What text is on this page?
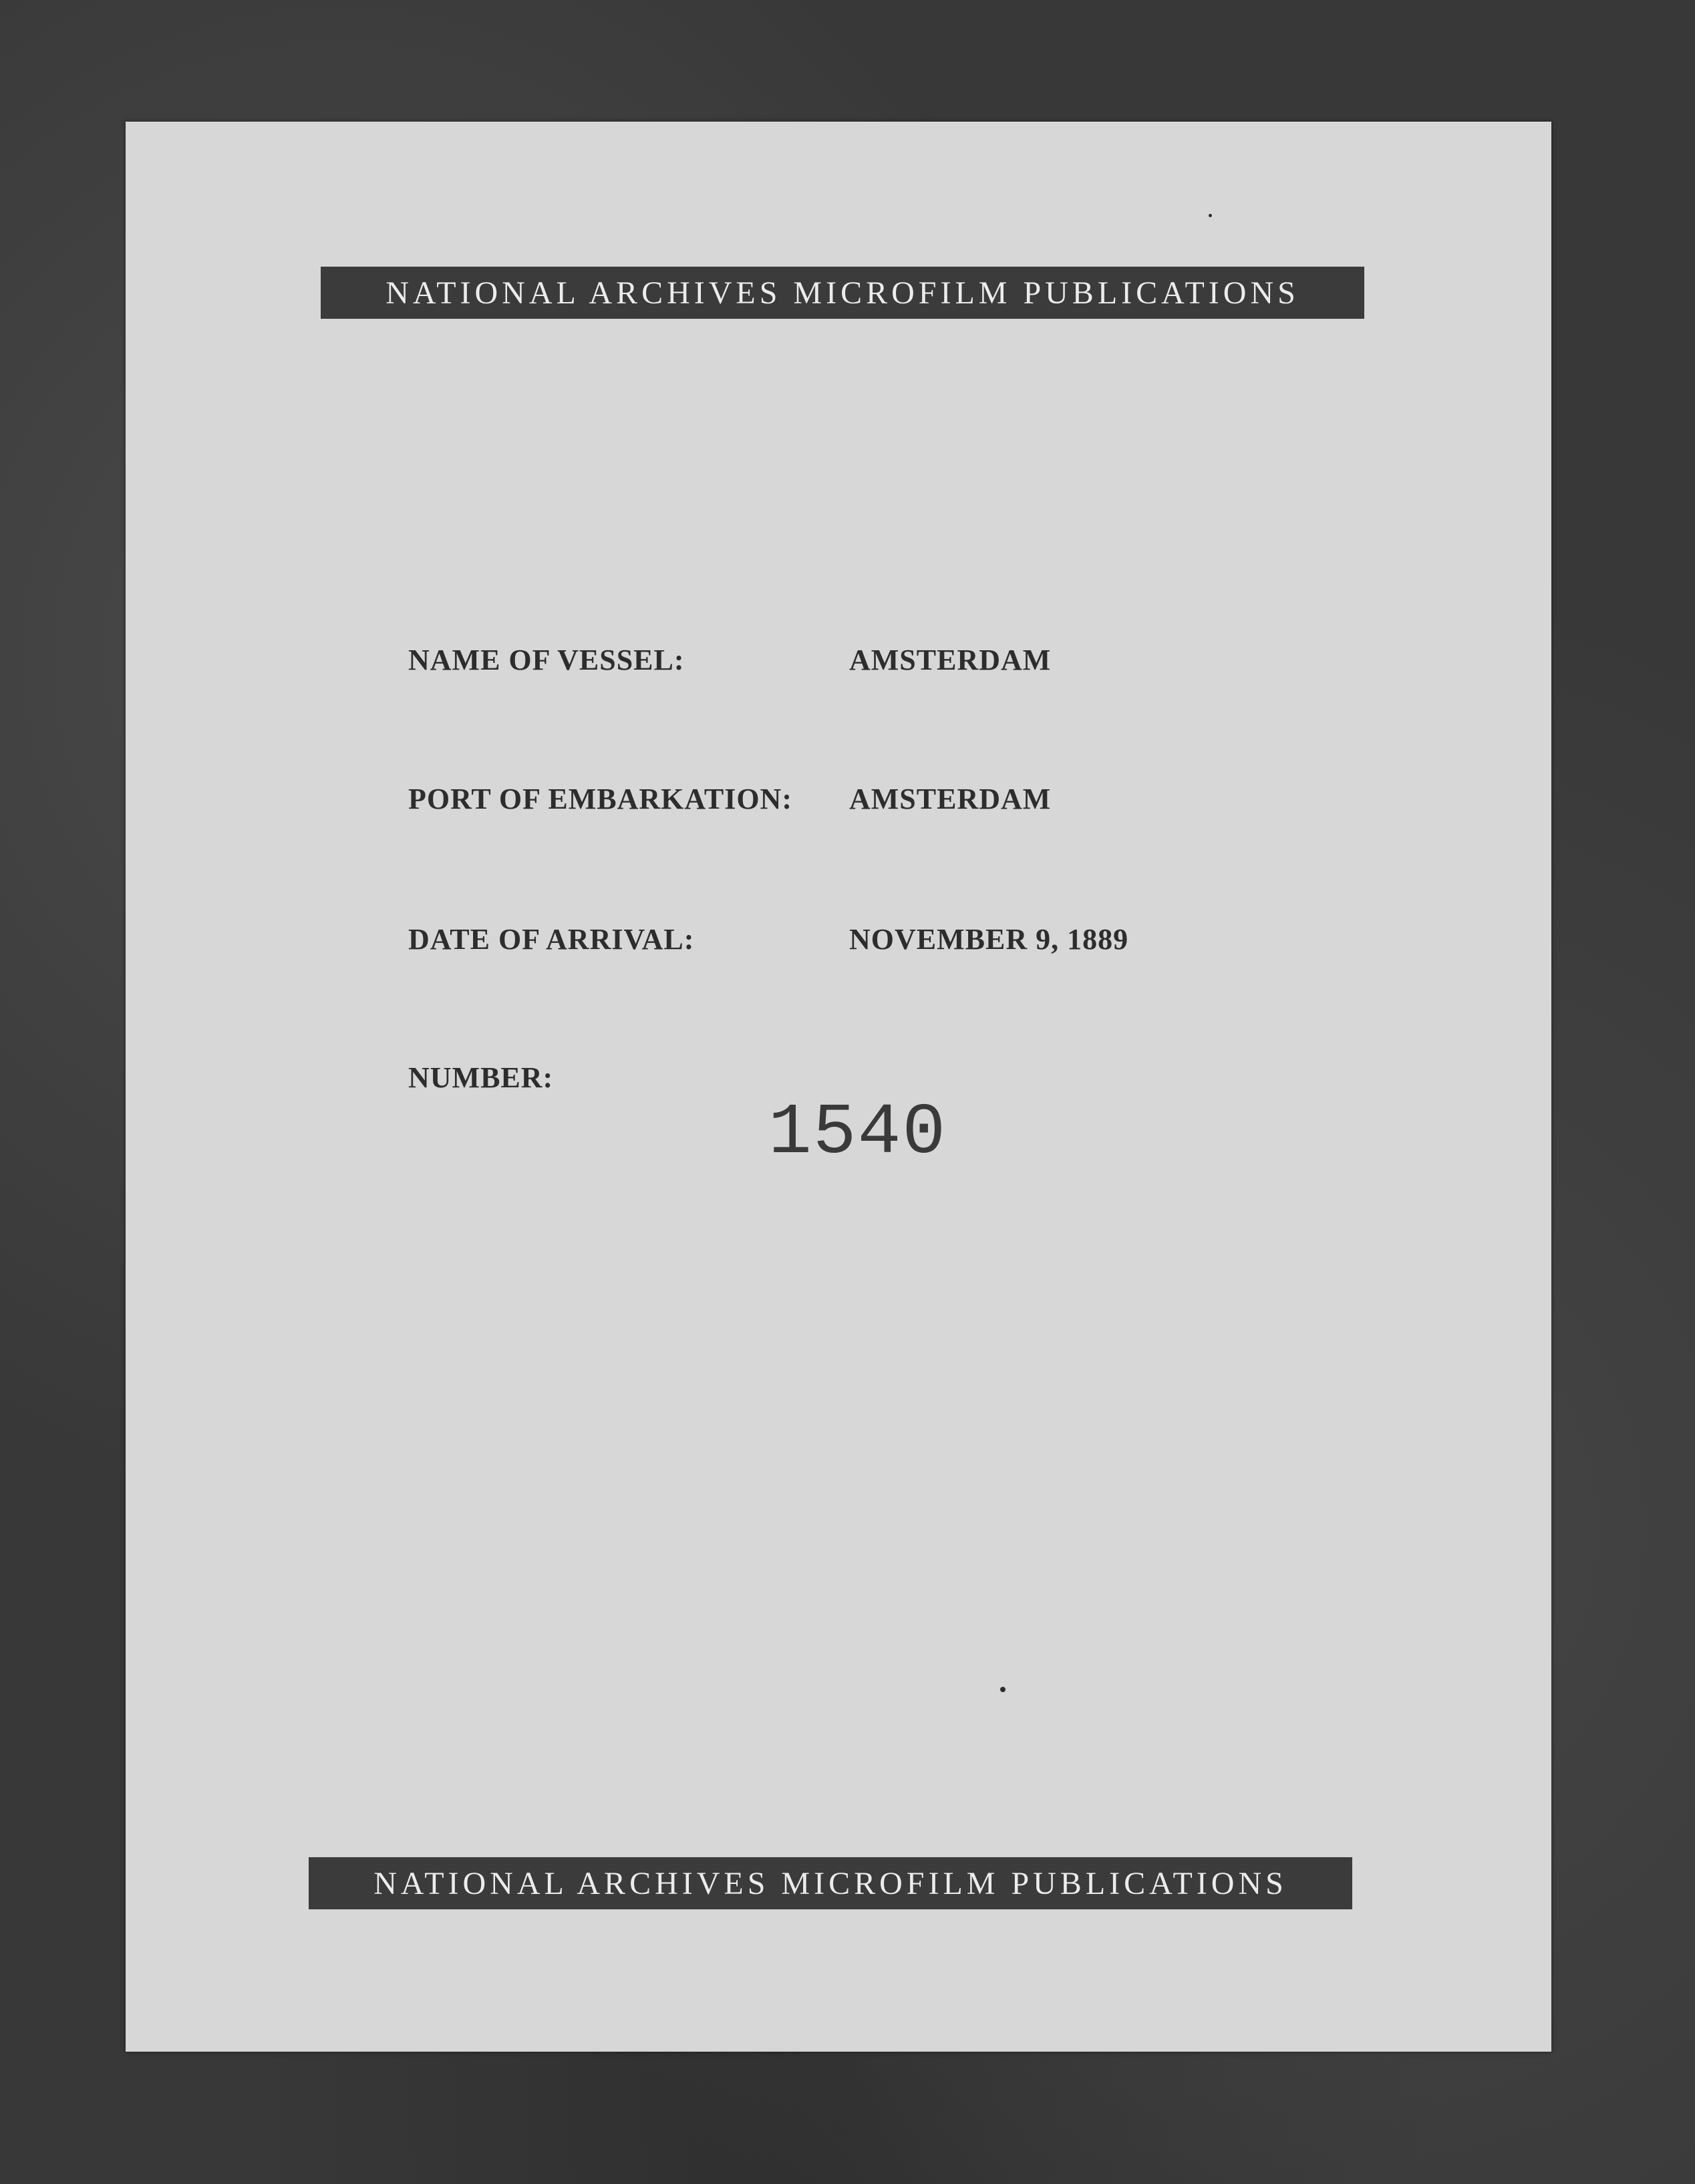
NATIONAL ARCHIVES MICROFILM PUBLICATIONS
NAME OF VESSEL:	AMSTERDAM
PORT OF EMBARKATION: AMSTERDAM
DATE OF ARRIVAL:	NOVEMBER 9, 1889
NUMBER:
1540
NATIONAL ARCHIVES MICROFILM PUBLICATIONS
